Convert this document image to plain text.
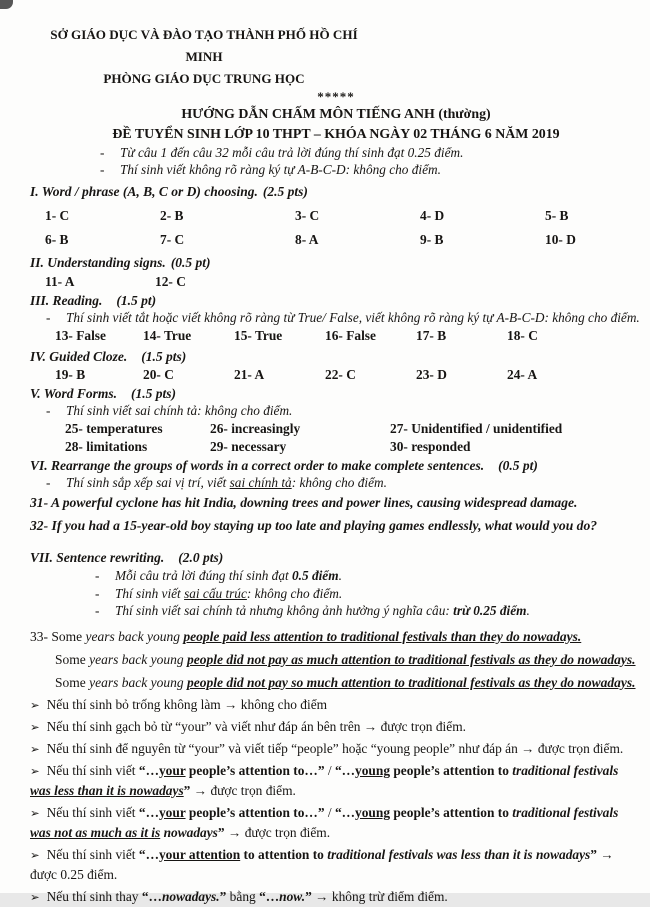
SỞ GIÁO DỤC VÀ ĐÀO TẠO THÀNH PHỐ HỒ CHÍ MINH
PHÒNG GIÁO DỤC TRUNG HỌC
*****
HƯỚNG DẪN CHẤM MÔN TIẾNG ANH (thường)
ĐỀ TUYỂN SINH LỚP 10 THPT – KHÓA NGÀY 02 THÁNG 6 NĂM 2019
-	Từ câu 1 đến câu 32 mỗi câu trả lời đúng thí sinh đạt 0.25 điểm.
-	Thí sinh viết không rõ ràng ký tự A-B-C-D: không cho điểm.
I. Word / phrase (A, B, C or D) choosing. (2.5 pts)
1- C	2- B	3- C	4- D	5- B
6- B	7- C	8- A	9- B	10- D
II. Understanding signs. (0.5 pt)
11- A	12- C
III. Reading. (1.5 pt)
-	Thí sinh viết tắt hoặc viết không rõ ràng từ True/ False, viết không rõ ràng ký tự A-B-C-D: không cho điểm.
13- False	14- True	15- True	16- False	17- B	18- C
IV. Guided Cloze. (1.5 pts)
19- B	20- C	21- A	22- C	23- D	24- A
V. Word Forms. (1.5 pts)
-	Thí sinh viết sai chính tả: không cho điểm.
25- temperatures	26- increasingly	27- Unidentified / unidentified
28- limitations	29- necessary	30- responded
VI. Rearrange the groups of words in a correct order to make complete sentences. (0.5 pt)
-	Thí sinh sắp xếp sai vị trí, viết sai chính tả: không cho điểm.
31- A powerful cyclone has hit India, downing trees and power lines, causing widespread damage.
32- If you had a 15-year-old boy staying up too late and playing games endlessly, what would you do?
VII. Sentence rewriting. (2.0 pts)
-	Mỗi câu trả lời đúng thí sinh đạt 0.5 điểm.
-	Thí sinh viết sai cấu trúc: không cho điểm.
-	Thí sinh viết sai chính tả nhưng không ảnh hưởng ý nghĩa câu: trừ 0.25 điểm.
33- Some years back young people paid less attention to traditional festivals than they do nowadays.
Some years back young people did not pay as much attention to traditional festivals as they do nowadays.
Some years back young people did not pay so much attention to traditional festivals as they do nowadays.
➢ Nếu thí sinh bỏ trống không làm → không cho điểm
➢ Nếu thí sinh gạch bỏ từ “your” và viết như đáp án bên trên → được trọn điểm.
➢ Nếu thí sinh để nguyên từ “your” và viết tiếp “people” hoặc “young people” như đáp án → được trọn điểm.
➢ Nếu thí sinh viết “…your people’s attention to…” / “…young people’s attention to traditional festivals was less than it is nowadays” → được trọn điểm.
➢ Nếu thí sinh viết “…your people’s attention to…” / “…young people’s attention to traditional festivals was not as much as it is nowadays” → được trọn điểm.
➢ Nếu thí sinh viết “…your attention to attention to traditional festivals was less than it is nowadays” → được 0.25 điểm.
➢ Nếu thí sinh thay “…nowadays.” bằng “…now.” → không trừ điểm điểm.
